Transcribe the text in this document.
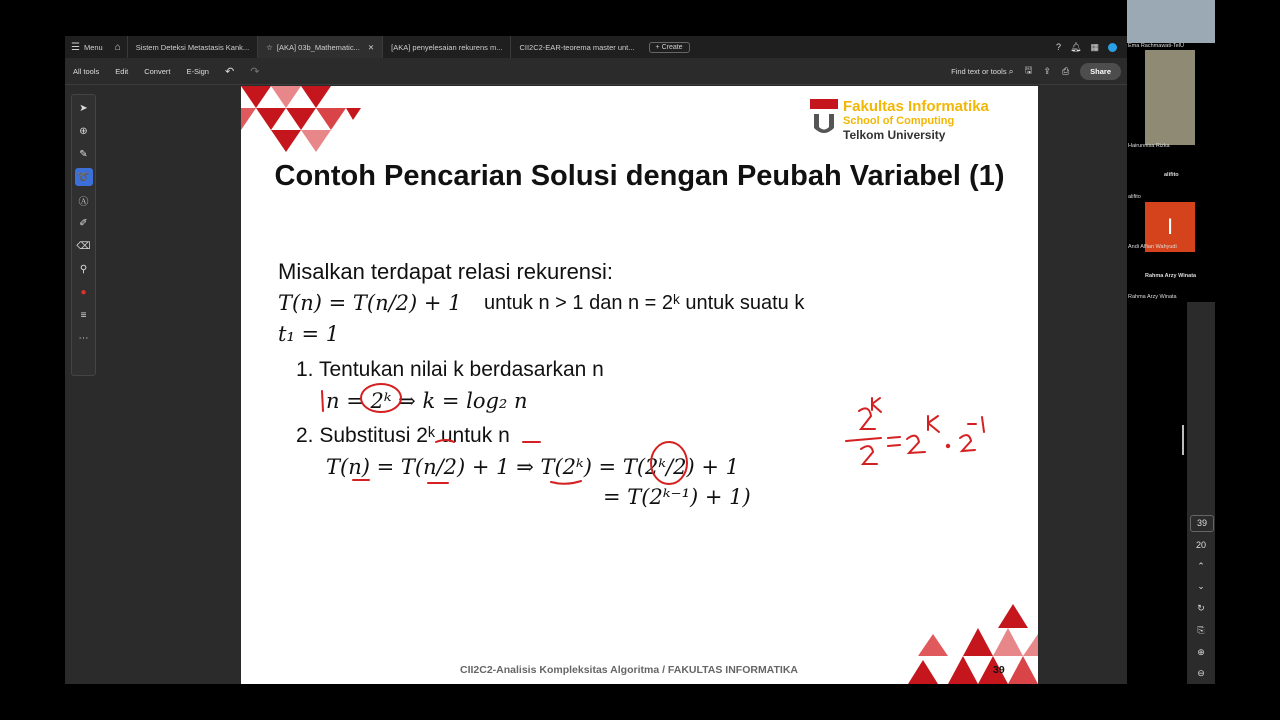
☰ Menu ⌂ Sistem Deteksi Metastasis Kank... ☆ [AKA] 03b_Mathematic... ✕ [AKA] penyelesaian rekurens m... CII2C2-EAR-teorema master unt...	+ Create	? 🔔︎ ▦
All tools	Edit	Convert	E-Sign	↶	↷	Find text or tools ⌕ 🖫︎ ⇪ ⎙	Share
➤
⊕
✎
➰
Ⓐ
✐
⌫
⚲
●
≡
⋯
Fakultas Informatika
School of Computing
Telkom University
Contoh Pencarian Solusi dengan Peubah Variabel (1)
Misalkan terdapat relasi rekurensi:
T(n) = T(n/2) + 1 untuk n > 1 dan n = 2ᵏ untuk suatu k
t₁ = 1
1. Tentukan nilai k berdasarkan n
n = 2ᵏ ⇒ k = log₂ n
2. Substitusi 2ᵏ untuk n
T(n) = T(n/2) + 1 ⇒ T(2ᵏ) = T(2ᵏ/2) + 1
= T(2ᵏ⁻¹) + 1)
CII2C2-Analisis Kompleksitas Algoritma / FAKULTAS INFORMATIKA	39
Ema Rachmawati-TelU
Hairunnisa Rizka
alifito
alifito
I
Andi Alfian Wahyudi
Rahma Arzy Winata
Rahma Arzy Winata
39
20
⌃
⌄
↻
⎘
⊕
⊖
